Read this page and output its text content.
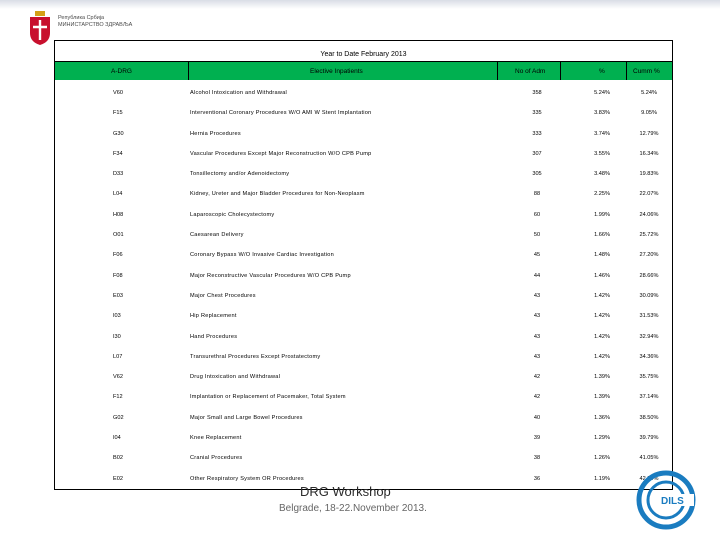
Република Србија
МИНИСТАРСТВО ЗДРАВЉА
Year to Date February 2013
A-DRG	Elective Inpatients	No of Adm	%	Cumm %
V60	Alcohol Intoxication and Withdrawal	358	5.24%	5.24%
F15	Interventional Coronary Procedures W/O AMI W Stent Implantation	335	3.83%	9.05%
G30	Hernia Procedures	333	3.74%	12.79%
F34	Vascular Procedures Except Major Reconstruction W/O CPB Pump	307	3.55%	16.34%
D33	Tonsillectomy and/or Adenoidectomy	305	3.48%	19.83%
L04	Kidney, Ureter and Major Bladder Procedures for Non-Neoplasm	88	2.25%	22.07%
H08	Laparoscopic Cholecystectomy	60	1.99%	24.06%
O01	Caesarean Delivery	50	1.66%	25.72%
F06	Coronary Bypass W/O Invasive Cardiac Investigation	45	1.48%	27.20%
F08	Major Reconstructive Vascular Procedures W/O CPB Pump	44	1.46%	28.66%
E03	Major Chest Procedures	43	1.42%	30.09%
I03	Hip Replacement	43	1.42%	31.53%
I30	Hand Procedures	43	1.42%	32.94%
L07	Transurethral Procedures Except Prostatectomy	43	1.42%	34.36%
V62	Drug Intoxication and Withdrawal	42	1.39%	35.75%
F12	Implantation or Replacement of Pacemaker, Total System	42	1.39%	37.14%
G02	Major Small and Large Bowel Procedures	40	1.36%	38.50%
I04	Knee Replacement	39	1.29%	39.79%
B02	Cranial Procedures	38	1.26%	41.05%
E02	Other Respiratory System OR Procedures	36	1.19%	42.24%
DRG Workshop
Belgrade, 18-22.November 2013.
DILS
